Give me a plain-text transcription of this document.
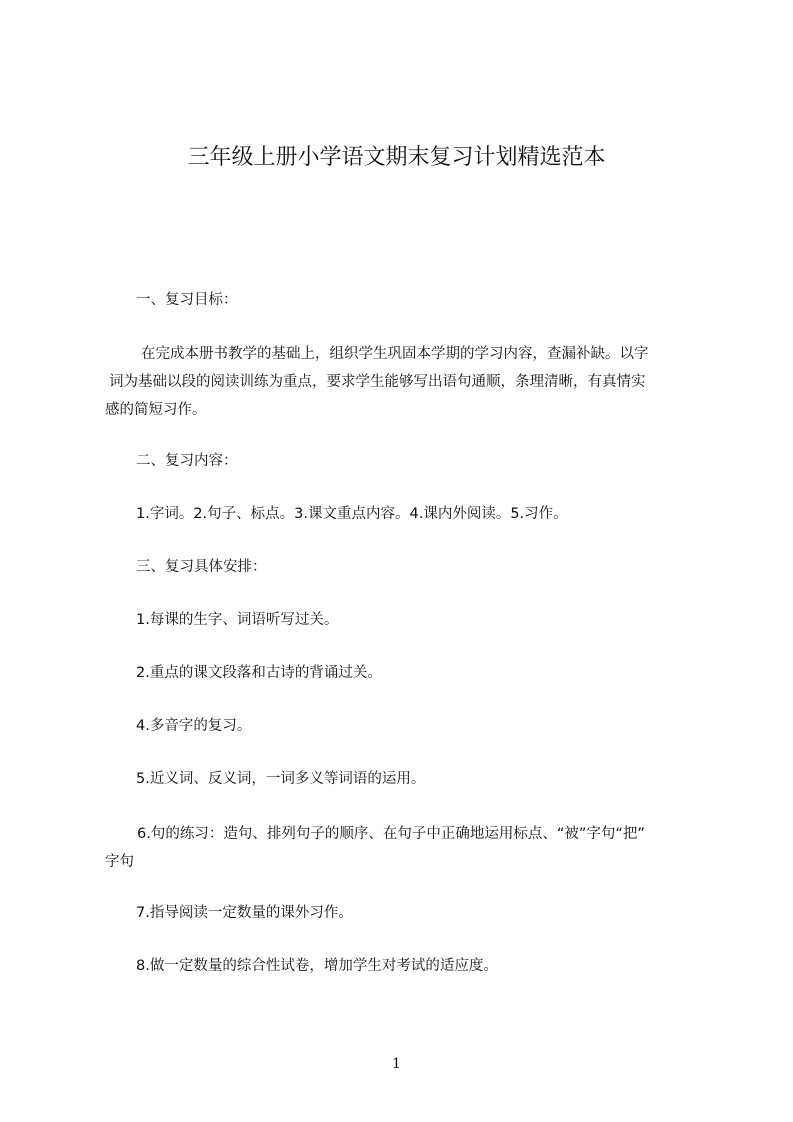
三年级上册小学语文期末复习计划精选范本

一、复习目标：

在完成本册书教学的基础上，组织学生巩固本学期的学习内容，查漏补缺。以字
词为基础以段的阅读训练为重点，要求学生能够写出语句通顺，条理清晰，有真情实
感的简短习作。

二、复习内容：

1.字词。2.句子、标点。3.课文重点内容。4.课内外阅读。5.习作。

三、复习具体安排：

1.每课的生字、词语听写过关。

2.重点的课文段落和古诗的背诵过关。

4.多音字的复习。

5.近义词、反义词，一词多义等词语的运用。

6.句的练习：造句、排列句子的顺序、在句子中正确地运用标点、“被”字句“把”
字句

7.指导阅读一定数量的课外习作。

8.做一定数量的综合性试卷，增加学生对考试的适应度。

1
